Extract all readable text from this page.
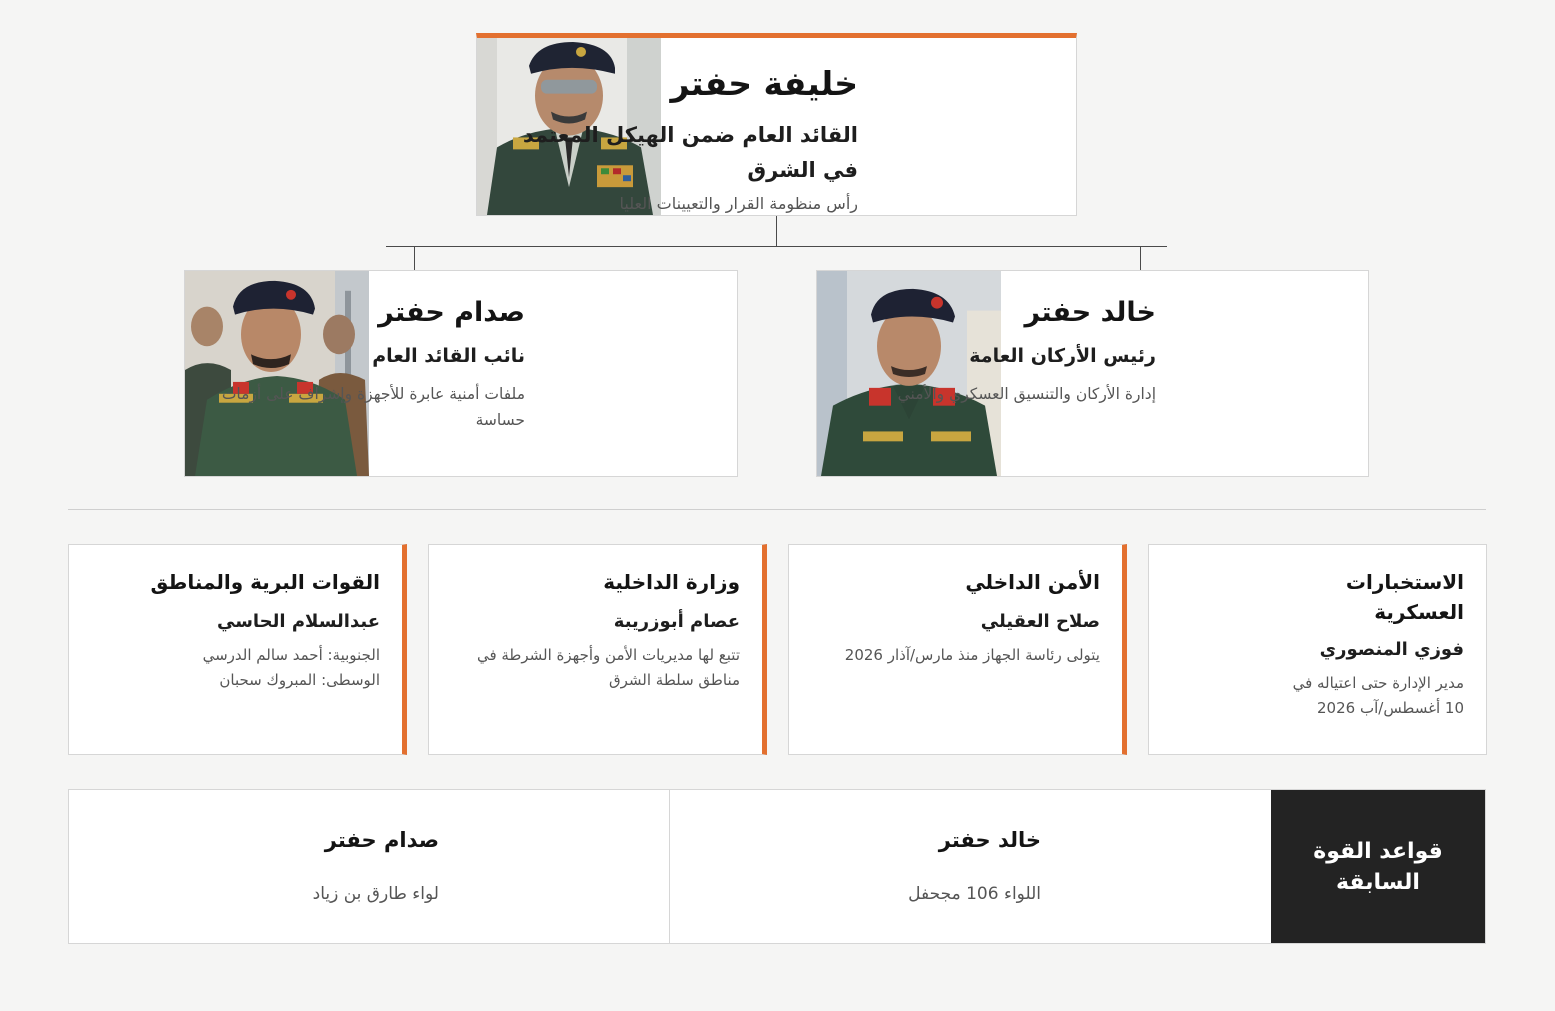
خليفة حفتر
القائد العام ضمن الهيكل المعتمد في الشرق
رأس منظومة القرار والتعيينات العليا
خالد حفتر
رئيس الأركان العامة
إدارة الأركان والتنسيق العسكري والأمني
صدام حفتر
نائب القائد العام
ملفات أمنية عابرة للأجهزة وإشراف على أزمات حساسة
الاستخبارات العسكرية
فوزي المنصوري
مدير الإدارة حتى اعتياله في 10 أغسطس/آب 2026
الأمن الداخلي
صلاح العقيلي
يتولى رئاسة الجهاز منذ مارس/آذار 2026
وزارة الداخلية
عصام أبوزريبة
تتبع لها مديريات الأمن وأجهزة الشرطة في مناطق سلطة الشرق
القوات البرية والمناطق
عبدالسلام الحاسي
الجنوبية: أحمد سالم الدرسي
الوسطى: المبروك سحبان
قواعد القوة السابقة
خالد حفتر
اللواء 106 مجحفل
صدام حفتر
لواء طارق بن زياد
